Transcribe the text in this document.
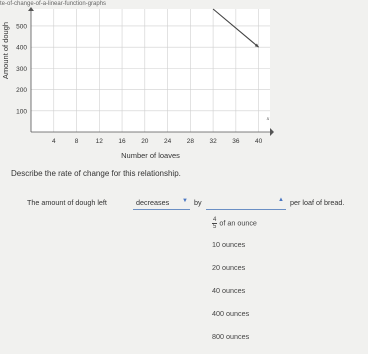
te-of-change-of-a-linear-function-graphs
4	8	12 16 20 24 28 32 36 40
100
200
300
400
500
x
Number of loaves
Amount of dough
Describe the rate of change for this relationship.
The amount of dough left	decreases ▼ by	▲ per loaf of bread.
$\frac{4}{5}$ of an ounce
10 ounces
20 ounces
40 ounces
400 ounces
800 ounces
